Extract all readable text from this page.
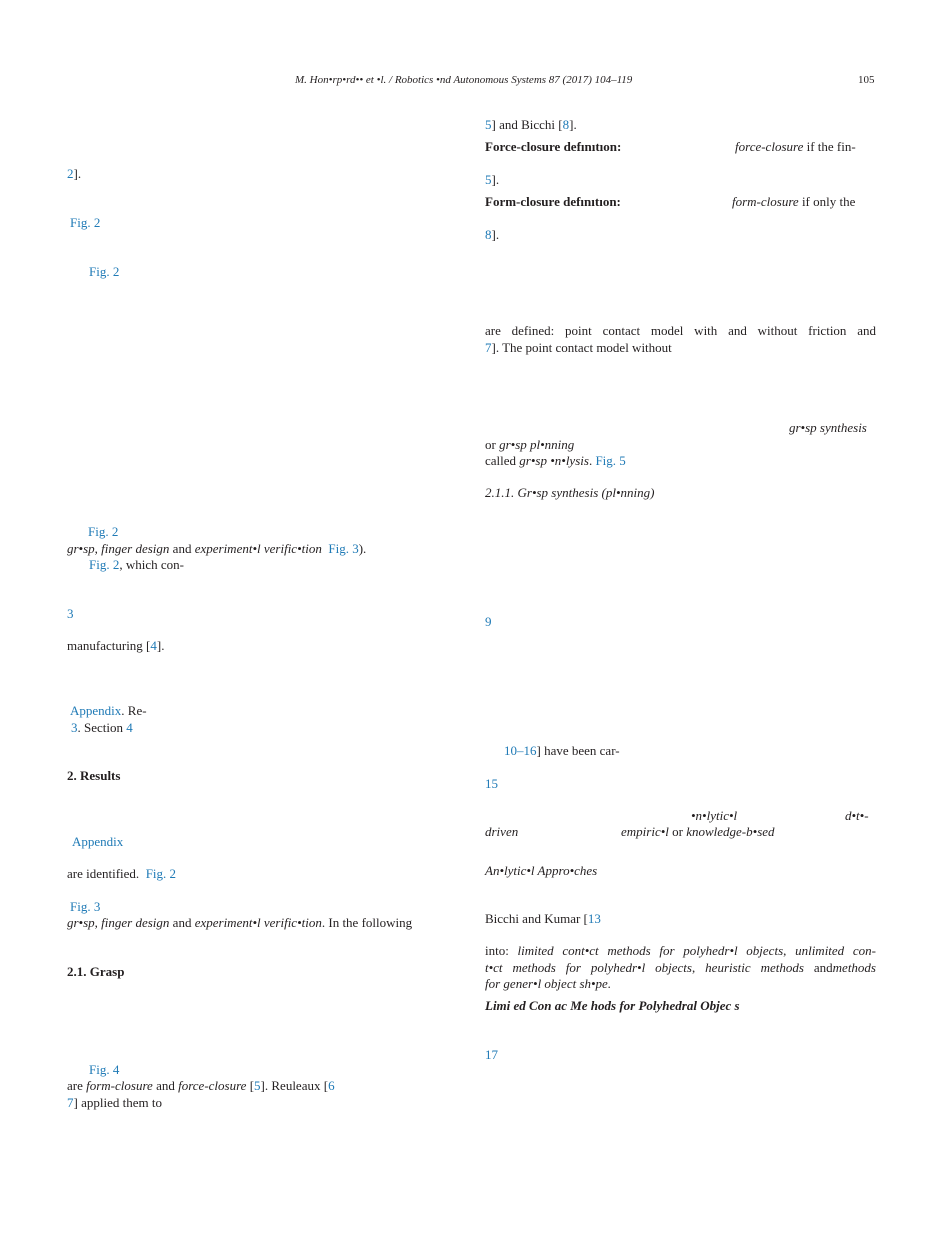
M. Hon•rp•rd•• et •l. / Robotics •nd Autonomous Systems 87 (2017) 104–119	105
2].
Fig. 2
Fig. 2
Fig. 2
gr•sp, finger design and experiment•l verific•tion Fig. 3).
Fig. 2, which con-
3
manufacturing [4].
Appendix. Re-
3. Section 4
2. Results
Appendix
are identified. Fig. 2
Fig. 3
gr•sp, finger design and experiment•l verific•tion. In the following
2.1. Grasp
Fig. 4
are form-closure and force-closure [5]. Reuleaux [6
7] applied them to
5] and Bicchi [8].
Force-closure defınıtıon:	force-closure if the fin-
5].
Form-closure defınıtıon:	form-closure if only the
8].
are defined: point contact model with and without friction and
7]. The point contact model without
gr•sp synthesis
or gr•sp pl•nning
called gr•sp •n•lysis. Fig. 5
2.1.1. Gr•sp synthesis (pl•nning)
9
10–16] have been car-
15
•n•lytic•l	d•t•-
driven	empiric•l or knowledge-b•sed
An•lytic•l Appro•ches
Bicchi and Kumar [13
into: limited cont•ct methods for polyhedr•l objects, unlimited con-
t•ct methods for polyhedr•l objects, heuristic methods andmethods
for gener•l object sh•pe.
Limi ed Con ac Me hods for Polyhedral Objec s
17
